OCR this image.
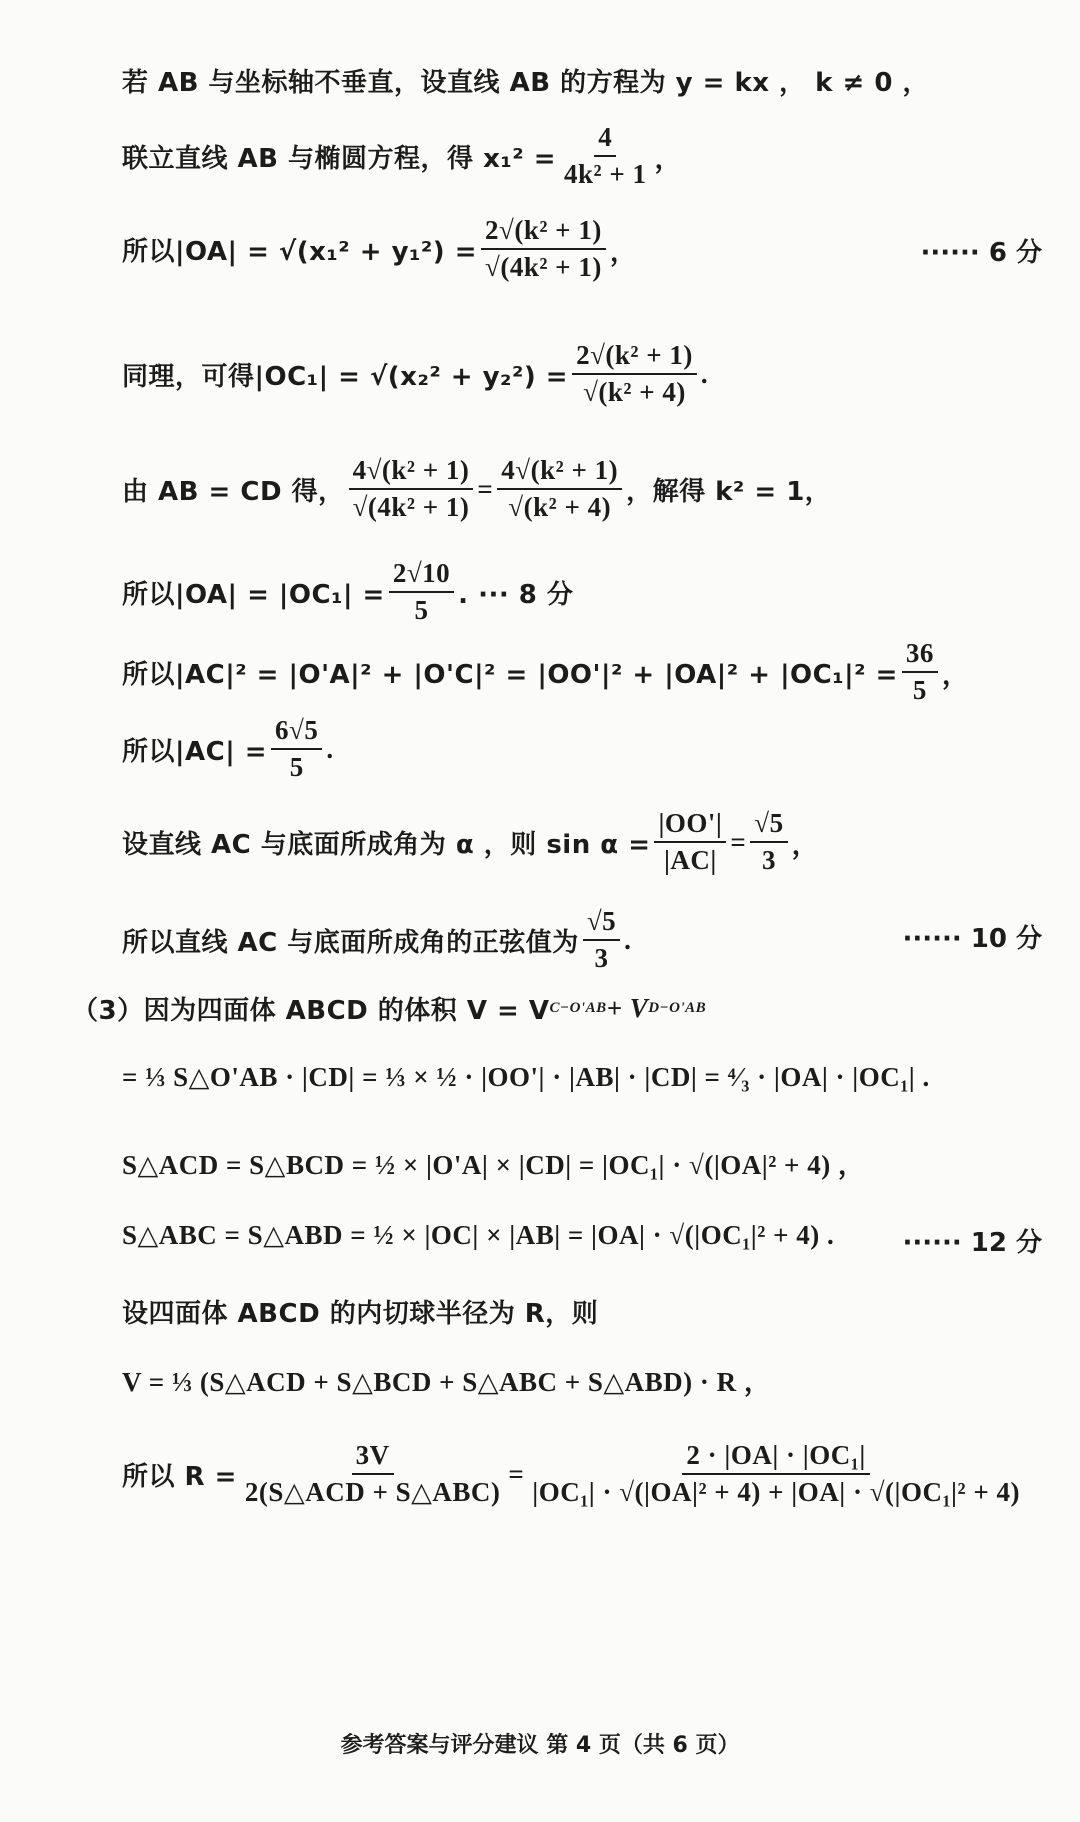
若 AB 与坐标轴不垂直，设直线 AB 的方程为 y = kx ， k ≠ 0 ，
联立直线 AB 与椭圆方程，得 $x_1^2 = \frac{4}{\text{4k² + 1}}$ ，
所以$|OA| = √(x_1^2 + y_1^2) = \frac{\text{2√(k² + 1)}}{\text{√(4k² + 1)}}$ ，	······ 6 分
同理，可得$|OC_1| = √(x_2^2 + y_2^2) = \frac{\text{2√(k² + 1)}}{\text{√(k² + 4)}}$ .
由 AB = CD 得， $\frac{\text{4√(k² + 1)}}{\text{√(4k² + 1)}} = \frac{\text{4√(k² + 1)}}{\text{√(k² + 4)}}$ ，解得 k² = 1，
所以$|OA| = |OC_1| = \frac{2√10}{5}$ . ··· 8 分
所以$|AC|^2 = |O'A|^2 + |O'C|^2 = |OO'|^2 + |OA|^2 + |OC_1|^2 = \frac{36}{5}$ ，
所以$|AC| = \frac{6√5}{5}$ .
设直线 AC 与底面所成角为 α ，则 $\sin \alpha = \frac{|OO'|}{|AC|} = \frac{√5}{3}$ ，
所以直线 AC 与底面所成角的正弦值为 $\frac{√5}{3}$ .	······ 10 分
（3）因为四面体 ABCD 的体积 V = V C−O'AB + V D−O'AB
= ⅓ S△O'AB · |CD| = ⅓ × ½ · |OO'| · |AB| · |CD| = ⁴⁄₃ · |OA| · |OC₁| .
S△ACD = S△BCD = ½ × |O'A| × |CD| = |OC₁| · √(|OA|² + 4) ，
S△ABC = S△ABD = ½ × |OC| × |AB| = |OA| · √(|OC₁|² + 4) .	······ 12 分
设四面体 ABCD 的内切球半径为 R，则
V = ⅓ (S△ACD + S△BCD + S△ABC + S△ABD) · R ，
所以 $R = \frac{3V}{\text{2(S△ACD + S△ABC)}} = \frac{\text{2 · |OA| · |OC₁|}}{\text{|OC₁| · √(|OA|² + 4) + |OA| · √(|OC₁|² + 4)}}$
参考答案与评分建议 第 4 页（共 6 页）
